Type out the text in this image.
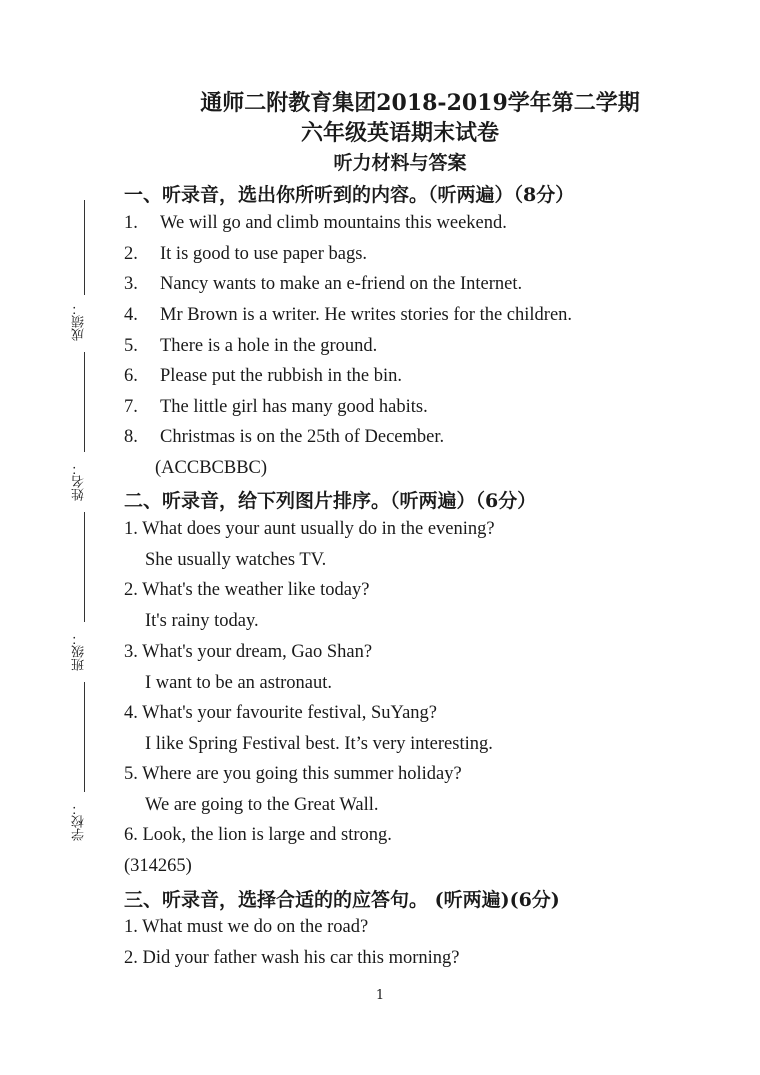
通师二附教育集团2018-2019学年第二学期
六年级英语期末试卷
听力材料与答案
成绩：
姓名：
班级：
学校：
一、听录音，选出你所听到的内容。（听两遍）（8分）
1. We will go and climb mountains this weekend.
2. It is good to use paper bags.
3. Nancy wants to make an e-friend on the Internet.
4. Mr Brown is a writer. He writes stories for the children.
5. There is a hole in the ground.
6. Please put the rubbish in the bin.
7. The little girl has many good habits.
8. Christmas is on the 25th of December.
(ACCBCBBC)
二、听录音，给下列图片排序。（听两遍）（6分）
1. What does your aunt usually do in the evening?
She usually watches TV.
2. What's the weather like today?
It's rainy today.
3. What's your dream, Gao Shan?
I want to be an astronaut.
4. What's your favourite festival, SuYang?
I like Spring Festival best. It’s very interesting.
5. Where are you going this summer holiday?
We are going to the Great Wall.
6. Look, the lion is large and strong.
(314265)
三、听录音，选择合适的的应答句。 (听两遍)(6分)
1. What must we do on the road?
2. Did your father wash his car this morning?
1
